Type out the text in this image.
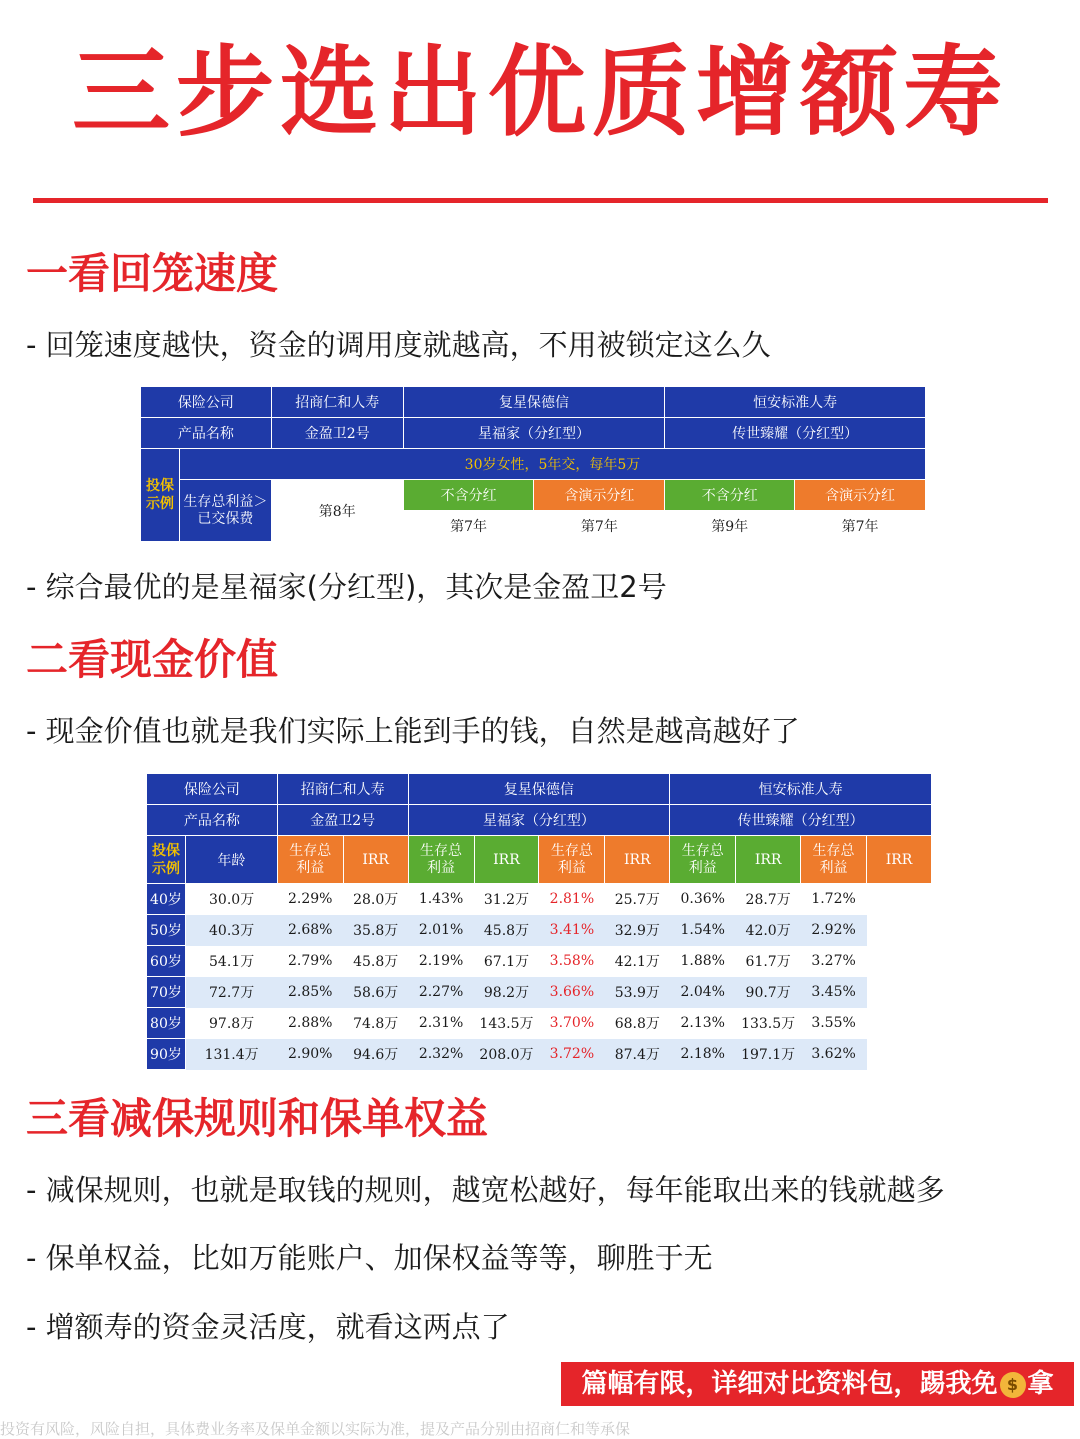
三步选出优质增额寿
一看回笼速度
- 回笼速度越快，资金的调用度就越高，不用被锁定这么久
保险公司		招商仁和人寿	复星保德信		恒安标准人寿	
产品名称		金盈卫2号	星福家（分红型）		传世臻耀（分红型）	
投保示例	30岁女性，5年交，每年5万					
	生存总利益＞已交保费	第8年	不含分红	含演示分红	不含分红	含演示分红
			第7年	第7年	第9年	第7年
- 综合最优的是星福家(分红型)，其次是金盈卫2号
二看现金价值
- 现金价值也就是我们实际上能到手的钱，自然是越高越好了
保险公司		招商仁和人寿		复星保德信				恒安标准人寿			
产品名称		金盈卫2号		星福家（分红型）				传世臻耀（分红型）			
投保示例	年龄	生存总利益	IRR	生存总利益	IRR	生存总利益	IRR	生存总利益	IRR	生存总利益	IRR
40岁	30.0万	2.29%	28.0万	1.43%	31.2万	2.81%	25.7万	0.36%	28.7万	1.72%	
50岁	40.3万	2.68%	35.8万	2.01%	45.8万	3.41%	32.9万	1.54%	42.0万	2.92%	
60岁	54.1万	2.79%	45.8万	2.19%	67.1万	3.58%	42.1万	1.88%	61.7万	3.27%	
70岁	72.7万	2.85%	58.6万	2.27%	98.2万	3.66%	53.9万	2.04%	90.7万	3.45%	
80岁	97.8万	2.88%	74.8万	2.31%	143.5万	3.70%	68.8万	2.13%	133.5万	3.55%	
90岁	131.4万	2.90%	94.6万	2.32%	208.0万	3.72%	87.4万	2.18%	197.1万	3.62%	
三看减保规则和保单权益
- 减保规则，也就是取钱的规则，越宽松越好，每年能取出来的钱就越多
- 保单权益，比如万能账户、加保权益等等，聊胜于无
- 增额寿的资金灵活度，就看这两点了
篇幅有限，详细对比资料包，踢我免 $ 拿
投资有风险，风险自担，具体费业务率及保单金额以实际为准，提及产品分别由招商仁和等承保
